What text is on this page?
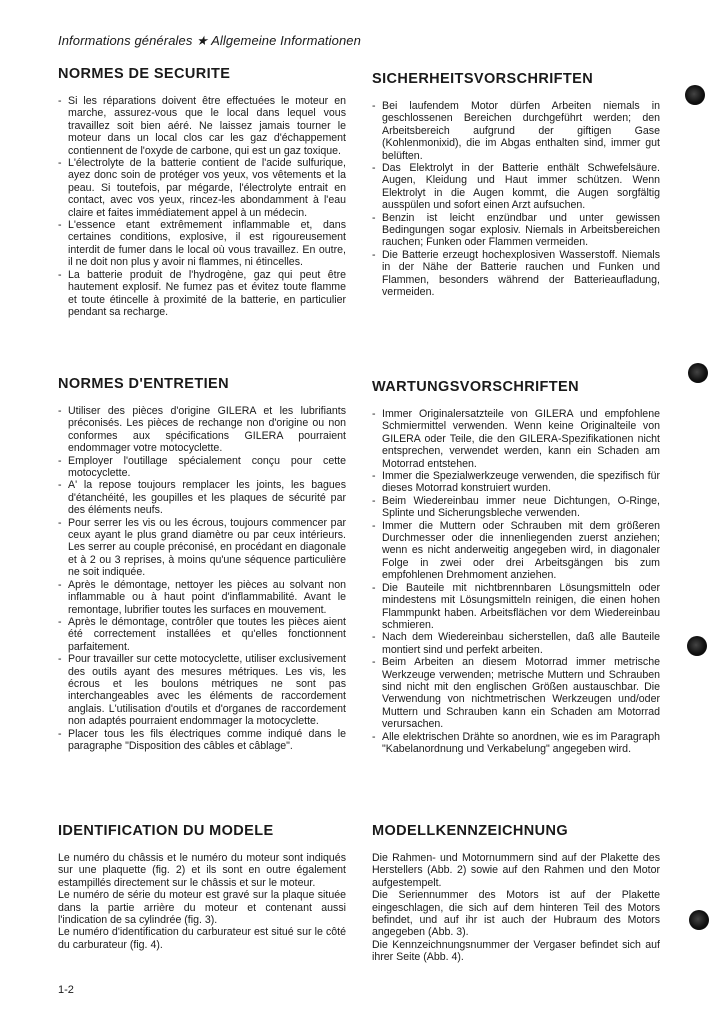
Informations générales ★ Allgemeine Informationen
NORMES DE SECURITE
- Si les réparations doivent être effectuées le moteur en marche, assurez-vous que le local dans lequel vous travaillez soit bien aéré. Ne laissez jamais tourner le moteur dans un local clos car les gaz d'échappement contiennent de l'oxyde de carbone, qui est un gaz toxique.
- L'électrolyte de la batterie contient de l'acide sulfurique, ayez donc soin de protéger vos yeux, vos vêtements et la peau. Si toutefois, par mégarde, l'électrolyte entrait en contact, avec vos yeux, rincez-les abondamment à l'eau claire et faites immédiatement appel à un médecin.
- L'essence etant extrêmement inflammable et, dans certaines conditions, explosive, il est rigoureusement interdit de fumer dans le local où vous travaillez. En outre, il ne doit non plus y avoir ni flammes, ni étincelles.
- La batterie produit de l'hydrogène, gaz qui peut être hautement explosif. Ne fumez pas et évitez toute flamme et toute étincelle à proximité de la batterie, en particulier pendant sa recharge.
NORMES D'ENTRETIEN
- Utiliser des pièces d'origine GILERA et les lubrifiants préconisés. Les pièces de rechange non d'origine ou non conformes aux spécifications GILERA pourraient endommager votre motocyclette.
- Employer l'outillage spécialement conçu pour cette motocyclette.
- A' la repose toujours remplacer les joints, les bagues d'étanchéité, les goupilles et les plaques de sécurité par des éléments neufs.
- Pour serrer les vis ou les écrous, toujours commencer par ceux ayant le plus grand diamètre ou par ceux intérieurs. Les serrer au couple préconisé, en procédant en diagonale et à 2 ou 3 reprises, à moins qu'une séquence particulière ne soit indiquée.
- Après le démontage, nettoyer les pièces au solvant non inflammable ou à haut point d'inflammabilité. Avant le remontage, lubrifier toutes les surfaces en mouvement.
- Après le démontage, contrôler que toutes les pièces aient été correctement installées et qu'elles fonctionnent parfaitement.
- Pour travailler sur cette motocyclette, utiliser exclusivement des outils ayant des mesures métriques. Les vis, les écrous et les boulons métriques ne sont pas interchangeables avec les éléments de raccordement anglais. L'utilisation d'outils et d'organes de raccordement non adaptés pourraient endommager la motocyclette.
- Placer tous les fils électriques comme indiqué dans le paragraphe "Disposition des câbles et câblage".
IDENTIFICATION DU MODELE

Le numéro du châssis et le numéro du moteur sont indiqués sur une plaquette (fig. 2) et ils sont en outre également estampillés directement sur le châssis et sur le moteur.

Le numéro de série du moteur est gravé sur la plaque située dans la partie arrière du moteur et contenant aussi l'indication de sa cylindrée (fig. 3).

Le numéro d'identification du carburateur est situé sur le côté du carburateur (fig. 4).

SICHERHEITSVORSCHRIFTEN
- Bei laufendem Motor dürfen Arbeiten niemals in geschlossenen Bereichen durchgeführt werden; den Arbeitsbereich aufgrund der giftigen Gase (Kohlenmonixid), die im Abgas enthalten sind, immer gut belüften.
- Das Elektrolyt in der Batterie enthält Schwefelsäure. Augen, Kleidung und Haut immer schützen. Wenn Elektrolyt in die Augen kommt, die Augen sorgfältig ausspülen und sofort einen Arzt aufsuchen.
- Benzin ist leicht enzündbar und unter gewissen Bedingungen sogar explosiv. Niemals in Arbeitsbereichen rauchen; Funken oder Flammen vermeiden.
- Die Batterie erzeugt hochexplosiven Wasserstoff. Niemals in der Nähe der Batterie rauchen und Funken und Flammen, besonders während der Batterieaufladung, vermeiden.
WARTUNGSVORSCHRIFTEN
- Immer Originalersatzteile von GILERA und empfohlene Schmiermittel verwenden. Wenn keine Originalteile von GILERA oder Teile, die den GILERA-Spezifikationen nicht entsprechen, verwendet werden, kann ein Schaden am Motorrad entstehen.
- Immer die Spezialwerkzeuge verwenden, die spezifisch für dieses Motorrad konstruiert wurden.
- Beim Wiedereinbau immer neue Dichtungen, O-Ringe, Splinte und Sicherungsbleche verwenden.
- Immer die Muttern oder Schrauben mit dem größeren Durchmesser oder die innenliegenden zuerst anziehen; wenn es nicht anderweitig angegeben wird, in diagonaler Folge in zwei oder drei Arbeitsgängen bis zum empfohlenen Drehmoment anziehen.
- Die Bauteile mit nichtbrennbaren Lösungsmitteln oder mindestens mit Lösungsmitteln reinigen, die einen hohen Flammpunkt haben. Arbeitsflächen vor dem Wiedereinbau schmieren.
- Nach dem Wiedereinbau sicherstellen, daß alle Bauteile montiert sind und perfekt arbeiten.
- Beim Arbeiten an diesem Motorrad immer metrische Werkzeuge verwenden; metrische Muttern und Schrauben sind nicht mit den englischen Größen austauschbar. Die Verwendung von nichtmetrischen Werkzeugen und/oder Muttern und Schrauben kann ein Schaden am Motorrad verursachen.
- Alle elektrischen Drähte so anordnen, wie es im Paragraph "Kabelanordnung und Verkabelung" angegeben wird.
MODELLKENNZEICHNUNG

Die Rahmen- und Motornummern sind auf der Plakette des Herstellers (Abb. 2) sowie auf den Rahmen und den Motor aufgestempelt.

Die Seriennummer des Motors ist auf der Plakette eingeschlagen, die sich auf dem hinteren Teil des Motors befindet, und auf ihr ist auch der Hubraum des Motors angegeben (Abb. 3).

Die Kennzeichnungsnummer der Vergaser befindet sich auf ihrer Seite (Abb. 4).

1-2
